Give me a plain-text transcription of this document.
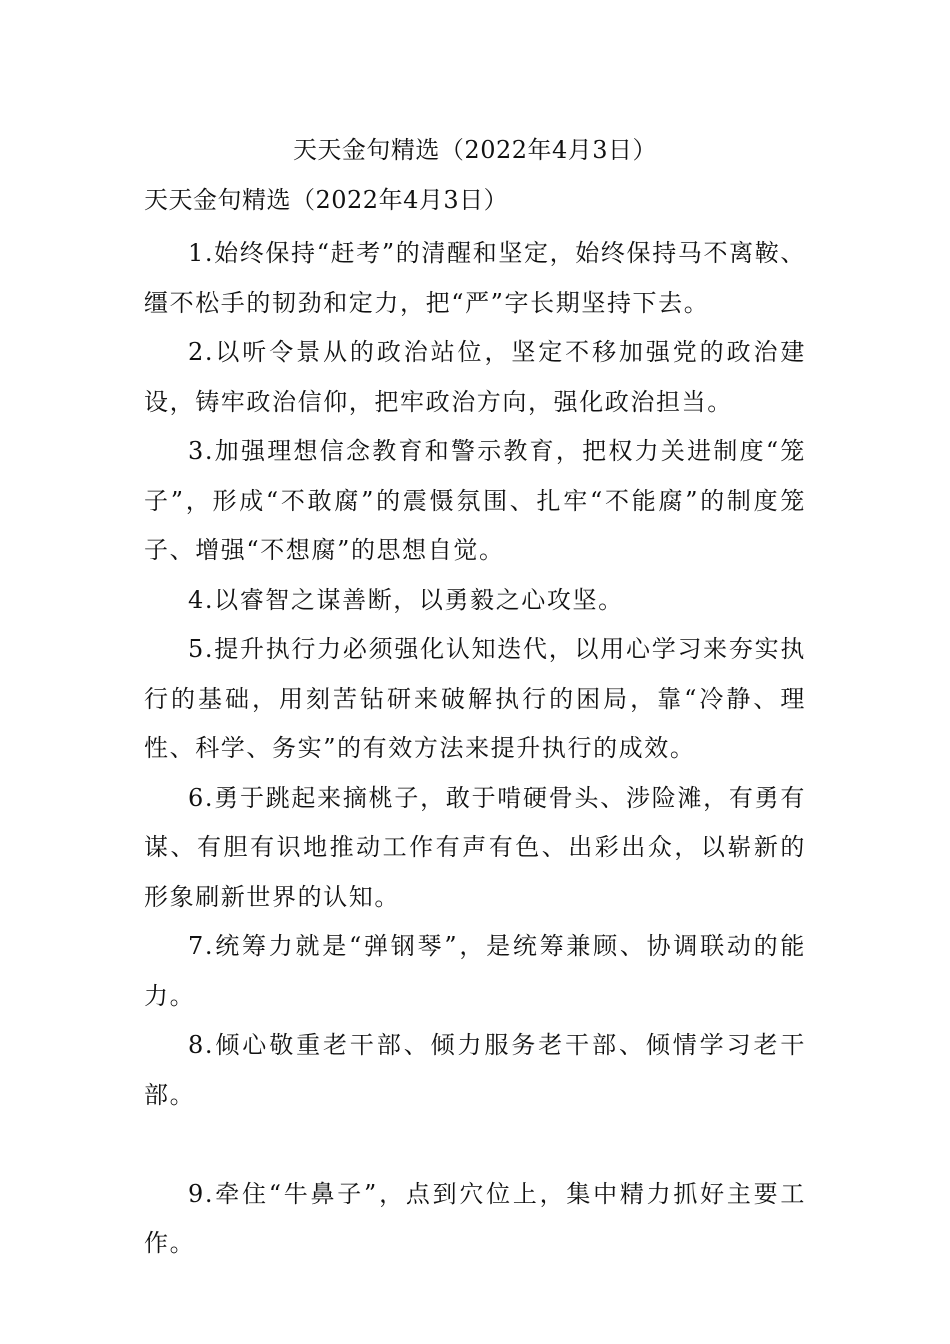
天天金句精选（2022年4月3日）
天天金句精选（2022年4月3日）

1.始终保持“赶考”的清醒和坚定，始终保持马不离鞍、缰不松手的韧劲和定力，把“严”字长期坚持下去。

2.以听令景从的政治站位，坚定不移加强党的政治建设，铸牢政治信仰，把牢政治方向，强化政治担当。

3.加强理想信念教育和警示教育，把权力关进制度“笼子”，形成“不敢腐”的震慑氛围、扎牢“不能腐”的制度笼子、增强“不想腐”的思想自觉。

4.以睿智之谋善断，以勇毅之心攻坚。

5.提升执行力必须强化认知迭代，以用心学习来夯实执行的基础，用刻苦钻研来破解执行的困局，靠“冷静、理性、科学、务实”的有效方法来提升执行的成效。

6.勇于跳起来摘桃子，敢于啃硬骨头、涉险滩，有勇有谋、有胆有识地推动工作有声有色、出彩出众，以崭新的形象刷新世界的认知。

7.统筹力就是“弹钢琴”，是统筹兼顾、协调联动的能力。

8.倾心敬重老干部、倾力服务老干部、倾情学习老干部。

9.牵住“牛鼻子”，点到穴位上，集中精力抓好主要工作。
